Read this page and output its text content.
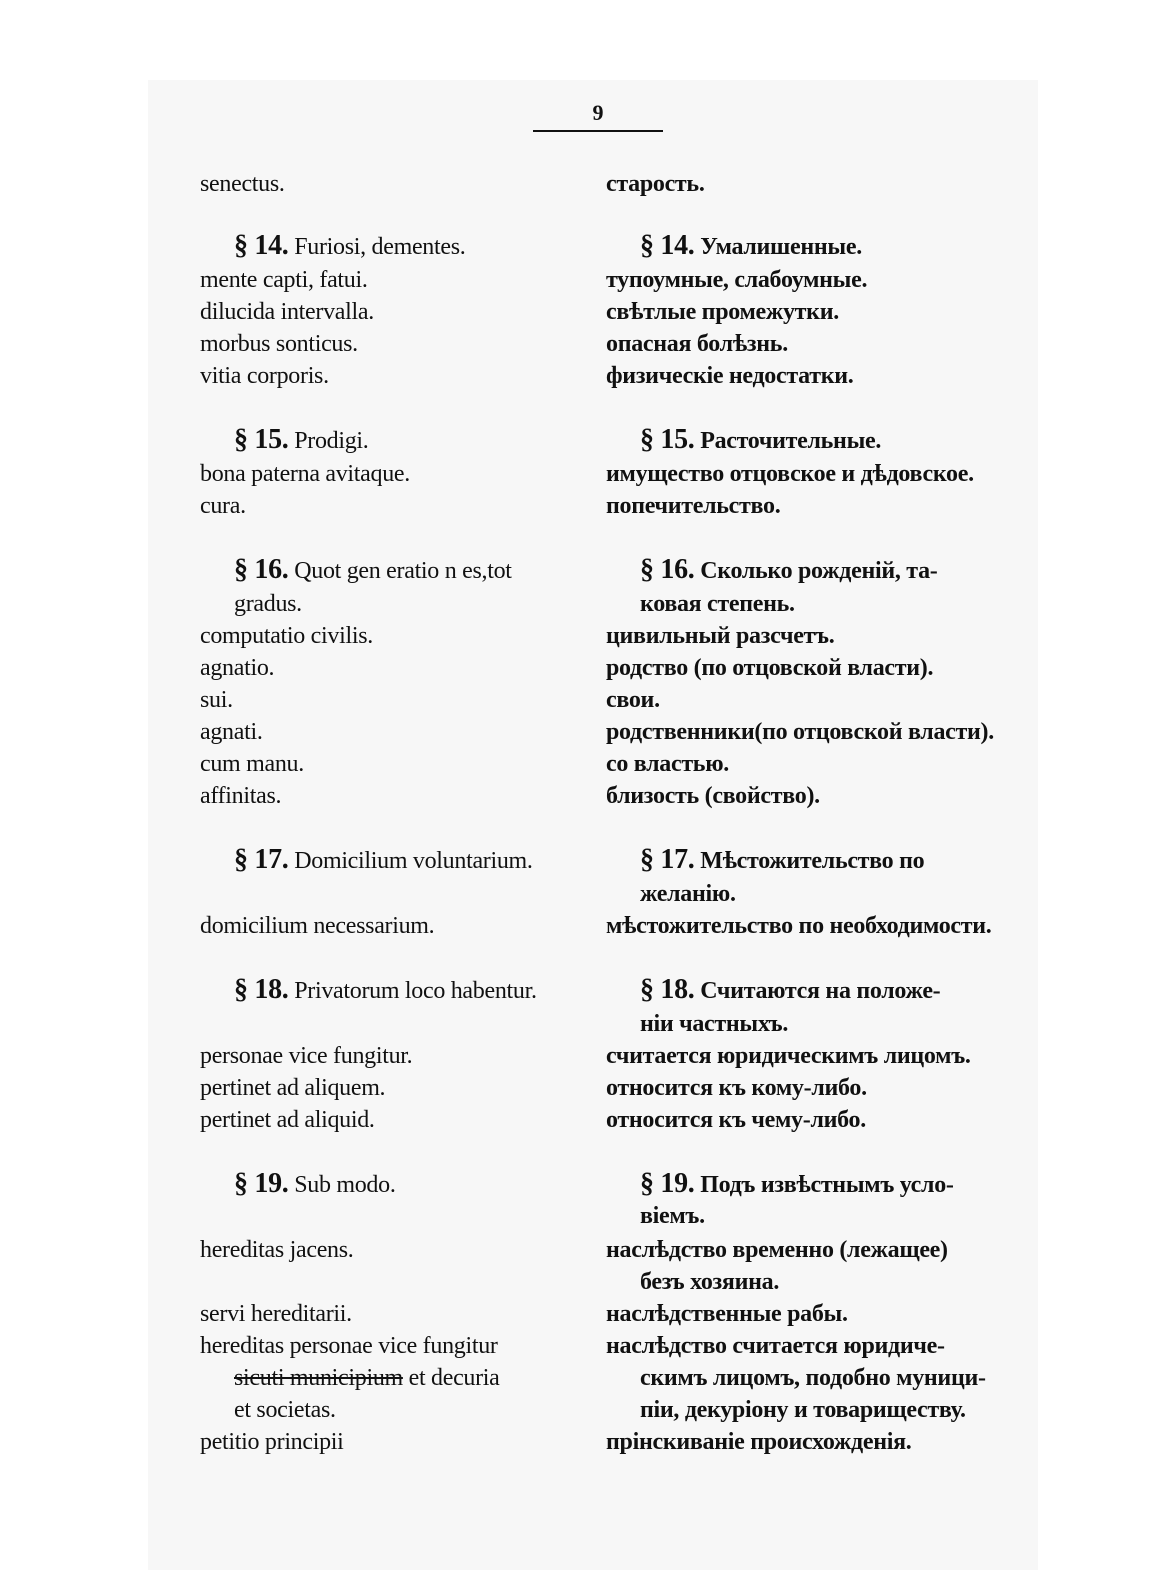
9
senectus.	старость.
§ 14. Furiosi, dementes.	§ 14. Умалишенные.
mente capti, fatui.	тупоумные, слабоумные.
dilucida intervalla.	свѣтлые промежутки.
morbus sonticus.	опасная болѣзнь.
vitia corporis.	физическіе недостатки.
§ 15. Prodigi.	§ 15. Расточительные.
bona paterna avitaque.	имущество отцовское и дѣдовское.
cura.	попечительство.
§ 16. Quot gen eratio n es,tot	§ 16. Сколько рожденій, та-
gradus.	ковая степень.
computatio civilis.	цивильный разсчетъ.
agnatio.	родство (по отцовской власти).
sui.	свои.
agnati.	родственники(по отцовской власти).
cum manu.	со властью.
affinitas.	близость (свойство).
§ 17. Domicilium voluntarium.	§ 17. Мѣстожительство по
желанію.
domicilium necessarium.	мѣстожительство по необходимости.
§ 18. Privatorum loco habentur.	§ 18. Считаются на положе-
ніи частныхъ.
personae vice fungitur.	считается юридическимъ лицомъ.
pertinet ad aliquem.	относится къ кому-либо.
pertinet ad aliquid.	относится къ чему-либо.
§ 19. Sub modo.	§ 19. Подъ извѣстнымъ усло-
віемъ.
hereditas jacens.	наслѣдство временно (лежащее)
безъ хозяина.
servi hereditarii.	наслѣдственные рабы.
hereditas personae vice fungitur	наслѣдство считается юридиче-
sicuti municipium et decuria	скимъ лицомъ, подобно муници-
et societas.	піи, декуріону и товариществу.
petitio principii	прінскиваніе происхожденія.
